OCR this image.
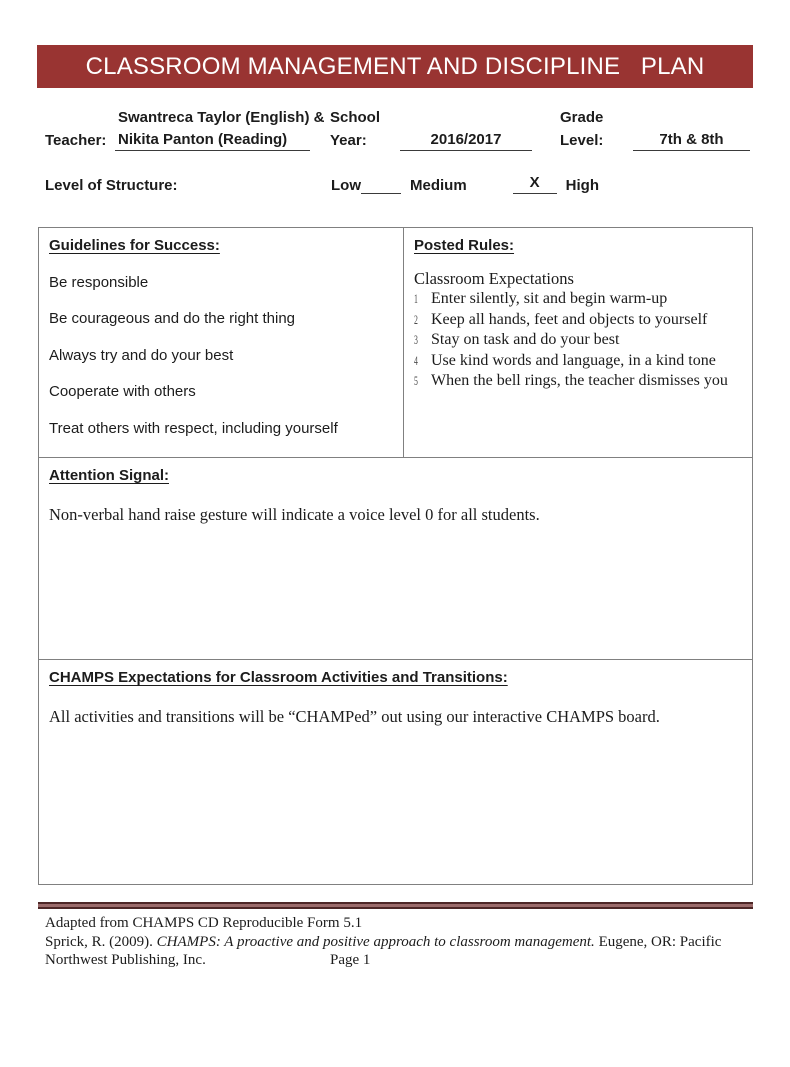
CLASSROOM MANAGEMENT AND DISCIPLINE   PLAN
Swantreca Taylor (English) & School	Grade
Teacher: Nikita Panton (Reading)	Year:	2016/2017	Level:	7th & 8th
Level of Structure:	Low	Medium	X	High
Guidelines for Success:
Be responsible
Be courageous and do the right thing
Always try and do your best
Cooperate with others
Treat others with respect, including yourself
Posted Rules:
Classroom Expectations
1 Enter silently, sit and begin warm-up
2 Keep all hands, feet and objects to yourself
3 Stay on task and do your best
4 Use kind words and language, in a kind tone
5 When the bell rings, the teacher dismisses you
Attention Signal:
Non-verbal hand raise gesture will indicate a voice level 0 for all students.
CHAMPS Expectations for Classroom Activities and Transitions:
All activities and transitions will be “CHAMPed” out using our interactive CHAMPS board.
Adapted from CHAMPS CD Reproducible Form 5.1
Sprick, R. (2009). CHAMPS: A proactive and positive approach to classroom management. Eugene, OR: Pacific
Northwest Publishing, Inc.	Page 1
